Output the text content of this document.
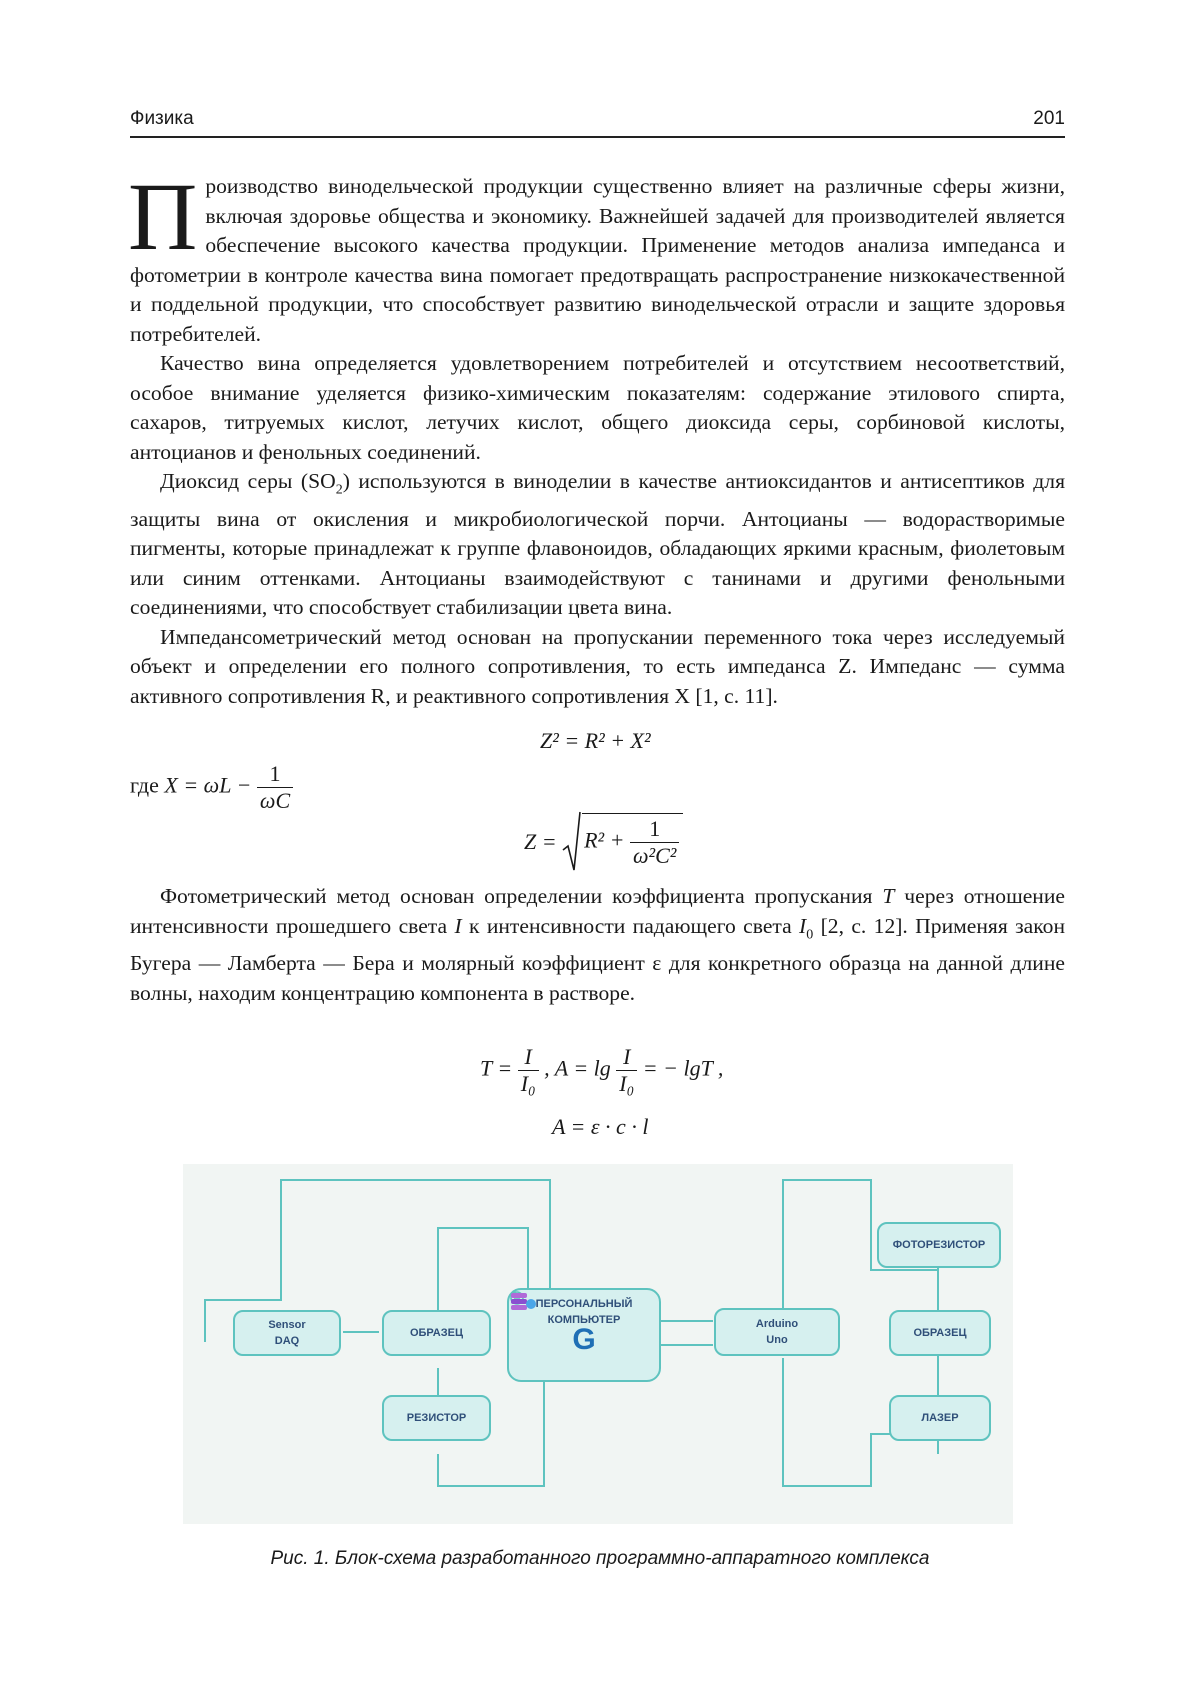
Физика	201

П роизводство винодельческой продукции существенно влияет на различные сферы жизни, включая здоровье общества и экономику. Важнейшей задачей для производителей является обеспечение высокого качества продукции. Применение методов анализа импеданса и фотометрии в контроле качества вина помогает предотвращать распространение низкокачественной и поддельной продукции, что способствует развитию винодельческой отрасли и защите здоровья потребителей.

Качество вина определяется удовлетворением потребителей и отсутствием несоответствий, особое внимание уделяется физико-химическим показателям: содержание этилового спирта, сахаров, титруемых кислот, летучих кислот, общего диоксида серы, сорбиновой кислоты, антоцианов и фенольных соединений.

Диоксид серы (SO2) используются в виноделии в качестве антиоксидантов и антисептиков для защиты вина от окисления и микробиологической порчи. Антоцианы — водорастворимые пигменты, которые принадлежат к группе флавоноидов, обладающих яркими красным, фиолетовым или синим оттенками. Антоцианы взаимодействуют с танинами и другими фенольными соединениями, что способствует стабилизации цвета вина.

Импедансометрический метод основан на пропускании переменного тока через исследуемый объект и определении его полного сопротивления, то есть импеданса Z. Импеданс — сумма активного сопротивления R, и реактивного сопротивления X [1, с. 11].

Z² = R² + X²
где X = ωL − 1
ωC
Z = R² +	1
ω²C²

Фотометрический метод основан определении коэффициента пропускания T через отношение интенсивности прошедшего света I к интенсивности падающего света I0 [2, с. 12]. Применяя закон Бугера — Ламберта — Бера и молярный коэффициент ε для конкретного образца на данной длине волны, находим концентрацию компонента в растворе.

T = I
I₀
, A = lg I
I₀
= − lgT ,
A = ε · c · l
Sensor
DAQ
ОБРАЗЕЦ
РЕЗИСТОР
ПЕРСОНАЛЬНЫЙ
КОМПЬЮТЕР
G	Arduino
Uno
ФОТОРЕЗИСТОР
ОБРАЗЕЦ
ЛАЗЕР
Рис. 1. Блок-схема разработанного программно-аппаратного комплекса
